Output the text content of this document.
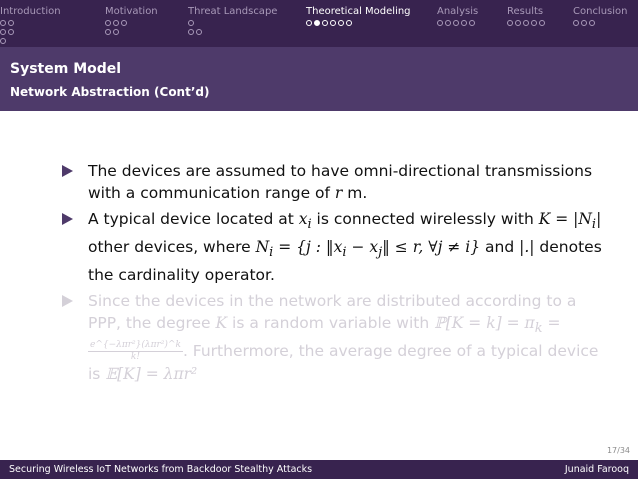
Introduction	Motivation	Threat Landscape	Theoretical Modeling	Analysis	Results	Conclusion
System Model
Network Abstraction (Cont’d)
The devices are assumed to have omni-directional transmissions with a communication range of r m.
A typical device located at $x_i$ is connected wirelessly with $K = |N_i|$ other devices, where $N_i = \{j$ : $‖x_i$ − $x_j‖ \le r$, ∀j ≠ i} and |.| denotes the cardinality operator.
Since the devices in the network are distributed according to a PPP, the degree K is a random variable with ℙ[K = $k] = \pi_k$ =
$\frac{\text{e\textasciicircum{}\{−λπr²\}(λπr²)\textasciicircum{}k}}{k!}$ . Furthermore, the average degree of a typical device is 𝔼[K] = λπr²
17/34
Securing Wireless IoT Networks from Backdoor Stealthy Attacks	Junaid Farooq
